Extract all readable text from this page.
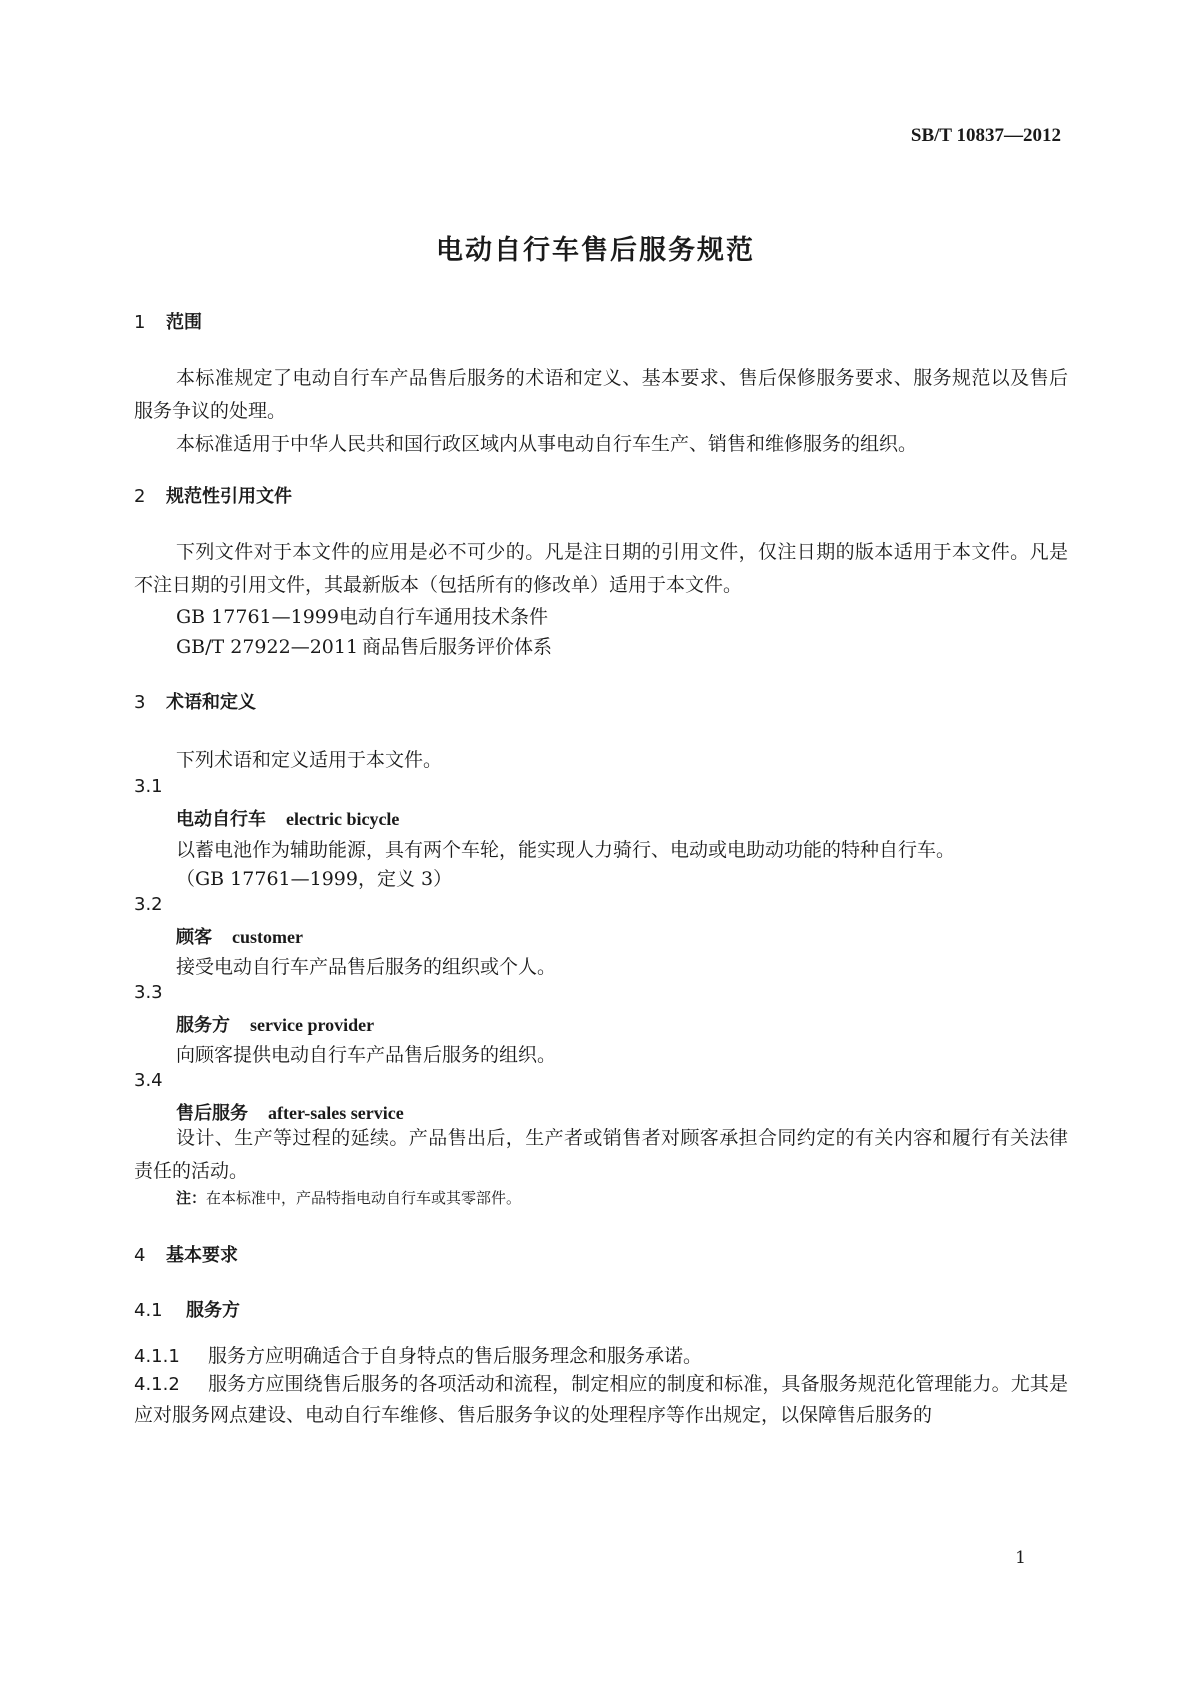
SB/T 10837—2012
电动自行车售后服务规范
1 范围
本标准规定了电动自行车产品售后服务的术语和定义、基本要求、售后保修服务要求、服务规范以及售后服务争议的处理。
本标准适用于中华人民共和国行政区域内从事电动自行车生产、销售和维修服务的组织。
2 规范性引用文件
下列文件对于本文件的应用是必不可少的。凡是注日期的引用文件，仅注日期的版本适用于本文件。凡是不注日期的引用文件，其最新版本（包括所有的修改单）适用于本文件。
GB 17761—1999电动自行车通用技术条件
GB/T 27922—2011 商品售后服务评价体系
3 术语和定义
下列术语和定义适用于本文件。
3.1
电动自行车 electric bicycle
以蓄电池作为辅助能源，具有两个车轮，能实现人力骑行、电动或电助动功能的特种自行车。
（GB 17761—1999，定义 3）
3.2
顾客 customer
接受电动自行车产品售后服务的组织或个人。
3.3
服务方 service provider
向顾客提供电动自行车产品售后服务的组织。
3.4
售后服务 after-sales service
设计、生产等过程的延续。产品售出后，生产者或销售者对顾客承担合同约定的有关内容和履行有关法律责任的活动。
注：在本标准中，产品特指电动自行车或其零部件。
4 基本要求
4.1 服务方
4.1.1 服务方应明确适合于自身特点的售后服务理念和服务承诺。
4.1.2 服务方应围绕售后服务的各项活动和流程，制定相应的制度和标准，具备服务规范化管理能力。尤其是应对服务网点建设、电动自行车维修、售后服务争议的处理程序等作出规定，以保障售后服务的
1
